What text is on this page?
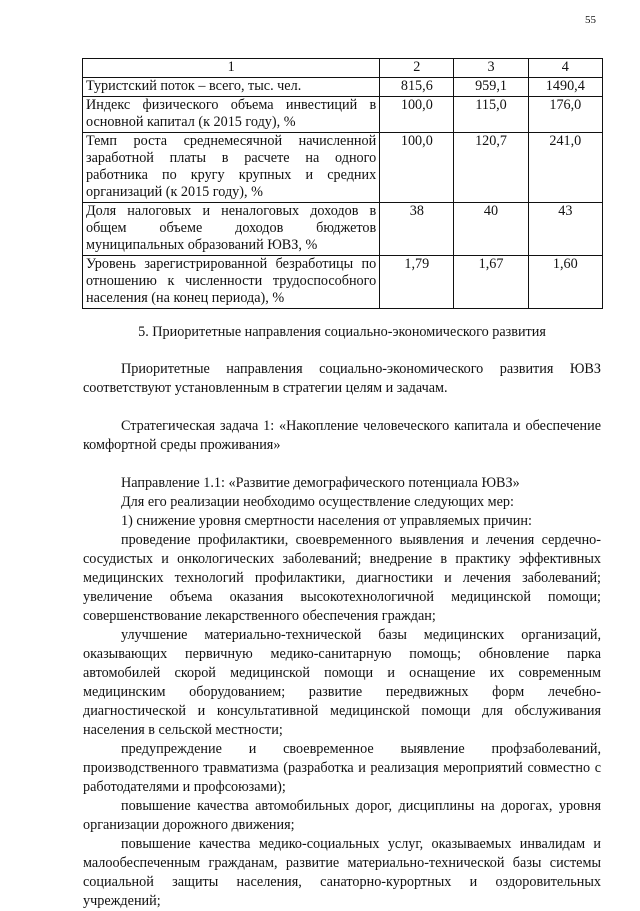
55
1	2	3	4
Туристский поток – всего, тыс. чел.	815,6	959,1	1490,4
Индекс физического объема инвестиций в основной капитал (к 2015 году), %	100,0	115,0	176,0
Темп роста среднемесячной начисленной заработной платы в расчете на одного работника по кругу крупных и средних организаций (к 2015 году), %	100,0	120,7	241,0
Доля налоговых и неналоговых доходов в общем объеме доходов бюджетов муниципальных образований ЮВЗ, %	38	40	43
Уровень зарегистрированной безработицы по отношению к численности трудоспособного населения (на конец периода), %	1,79	1,67	1,60
5. Приоритетные направления социально-экономического развития

Приоритетные направления социально-экономического развития ЮВЗ соответствуют установленным в стратегии целям и задачам.

Стратегическая задача 1: «Накопление человеческого капитала и обеспечение комфортной среды проживания»

Направление 1.1: «Развитие демографического потенциала ЮВЗ»

Для его реализации необходимо осуществление следующих мер:

1) снижение уровня смертности населения от управляемых причин:

проведение профилактики, своевременного выявления и лечения сердечно-сосудистых и онкологических заболеваний; внедрение в практику эффективных медицинских технологий профилактики, диагностики и лечения заболеваний; увеличение объема оказания высокотехнологичной медицинской помощи; совершенствование лекарственного обеспечения граждан;

улучшение материально-технической базы медицинских организаций, оказывающих первичную медико-санитарную помощь; обновление парка автомобилей скорой медицинской помощи и оснащение их современным медицинским оборудованием; развитие передвижных форм лечебно-диагностической и консультативной медицинской помощи для обслуживания населения в сельской местности;

предупреждение и своевременное выявление профзаболеваний, производственного травматизма (разработка и реализация мероприятий совместно с работодателями и профсоюзами);

повышение качества автомобильных дорог, дисциплины на дорогах, уровня организации дорожного движения;

повышение качества медико-социальных услуг, оказываемых инвалидам и малообеспеченным гражданам, развитие материально-технической базы системы социальной защиты населения, санаторно-курортных и оздоровительных учреждений;
